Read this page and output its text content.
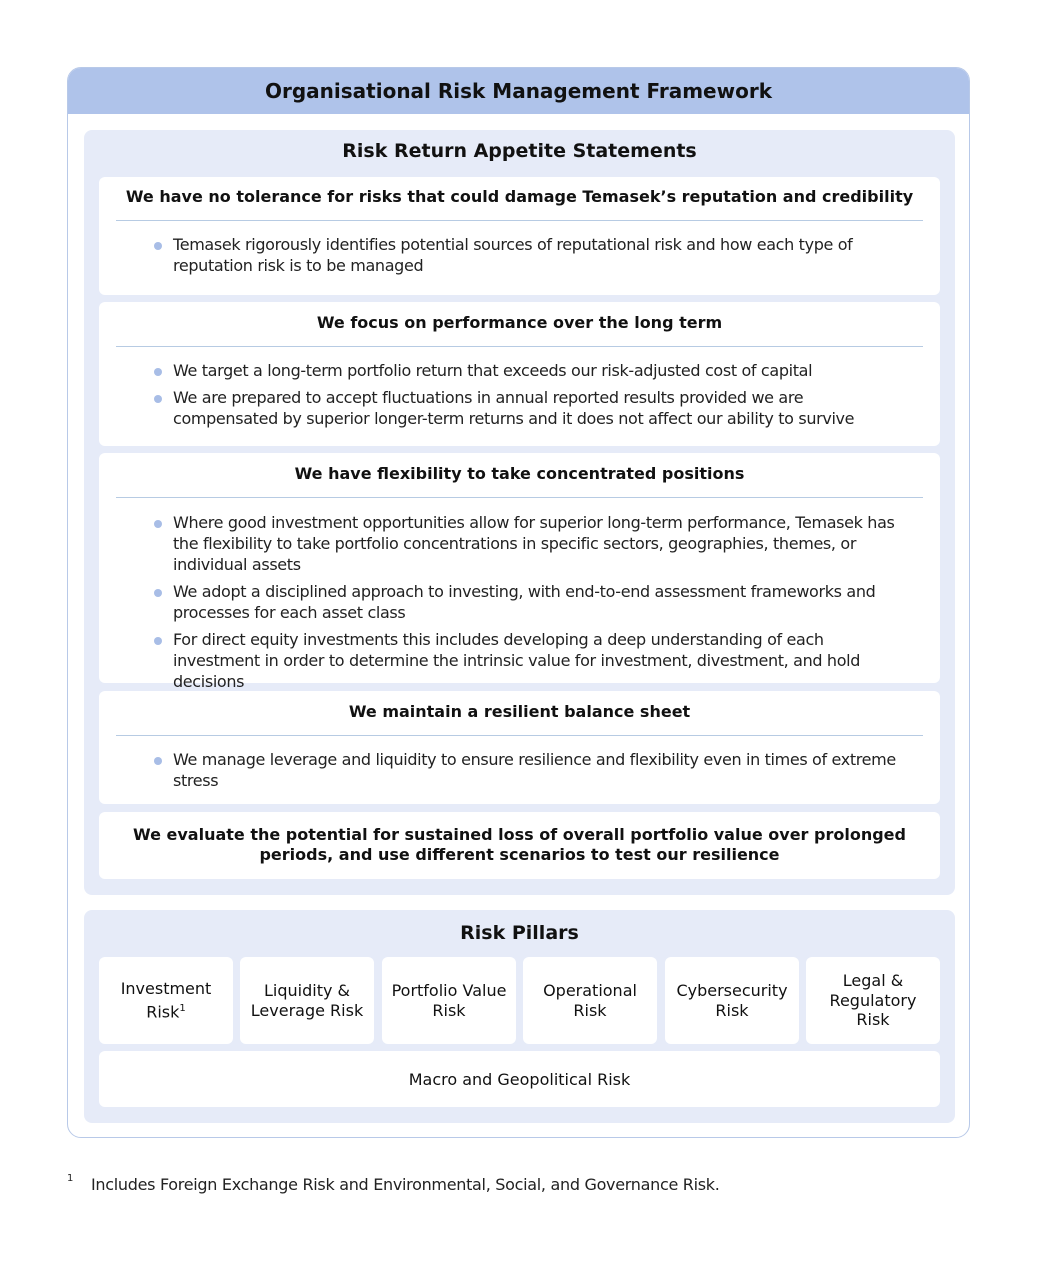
Organisational Risk Management Framework
Risk Return Appetite Statements
We have no tolerance for risks that could damage Temasek’s reputation and credibility
Temasek rigorously identifies potential sources of reputational risk and how each type of reputation risk is to be managed
We focus on performance over the long term
We target a long-term portfolio return that exceeds our risk-adjusted cost of capital
We are prepared to accept fluctuations in annual reported results provided we are compensated by superior longer-term returns and it does not affect our ability to survive
We have flexibility to take concentrated positions
Where good investment opportunities allow for superior long-term performance, Temasek has the flexibility to take portfolio concentrations in specific sectors, geographies, themes, or individual assets
We adopt a disciplined approach to investing, with end-to-end assessment frameworks and processes for each asset class
For direct equity investments this includes developing a deep understanding of each investment in order to determine the intrinsic value for investment, divestment, and hold decisions
We maintain a resilient balance sheet
We manage leverage and liquidity to ensure resilience and flexibility even in times of extreme stress
We evaluate the potential for sustained loss of overall portfolio value over prolonged periods, and use different scenarios to test our resilience
Risk Pillars
Investment Risk$^1$
Liquidity & Leverage Risk
Portfolio Value Risk
Operational Risk
Cybersecurity Risk
Legal & Regulatory Risk
Macro and Geopolitical Risk
1 Includes Foreign Exchange Risk and Environmental, Social, and Governance Risk.
